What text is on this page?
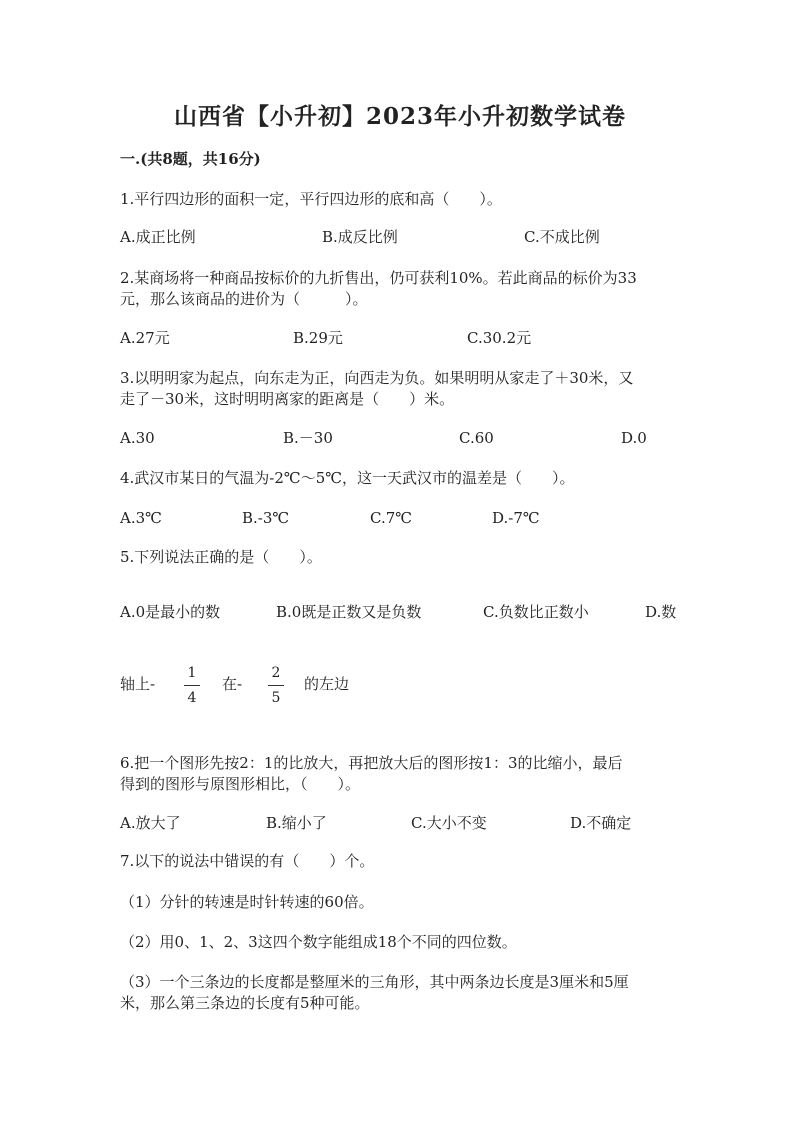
山西省【小升初】2023年小升初数学试卷
一.(共8题，共16分)
1.平行四边形的面积一定，平行四边形的底和高（　　）。
A.成正比例	B.成反比例	C.不成比例
2.某商场将一种商品按标价的九折售出，仍可获利10%。若此商品的标价为33
元，那么该商品的进价为（　　　）。
A.27元	B.29元	C.30.2元
3.以明明家为起点，向东走为正，向西走为负。如果明明从家走了＋30米，又
走了－30米，这时明明离家的距离是（　　）米。
A.30	B.－30	C.60	D.0
4.武汉市某日的气温为-2℃～5℃，这一天武汉市的温差是（　　）。
A.3℃	B.-3℃	C.7℃	D.-7℃
5.下列说法正确的是（　　）。
A.0是最小的数	B.0既是正数又是负数	C.负数比正数小	D.数
轴上-
1
4
在-
2
5
的左边
6.把一个图形先按2：1的比放大，再把放大后的图形按1：3的比缩小，最后
得到的图形与原图形相比，（　　）。
A.放大了	B.缩小了	C.大小不变	D.不确定
7.以下的说法中错误的有（　　）个。
（1）分针的转速是时针转速的60倍。
（2）用0、1、2、3这四个数字能组成18个不同的四位数。
（3）一个三条边的长度都是整厘米的三角形，其中两条边长度是3厘米和5厘
米，那么第三条边的长度有5种可能。
